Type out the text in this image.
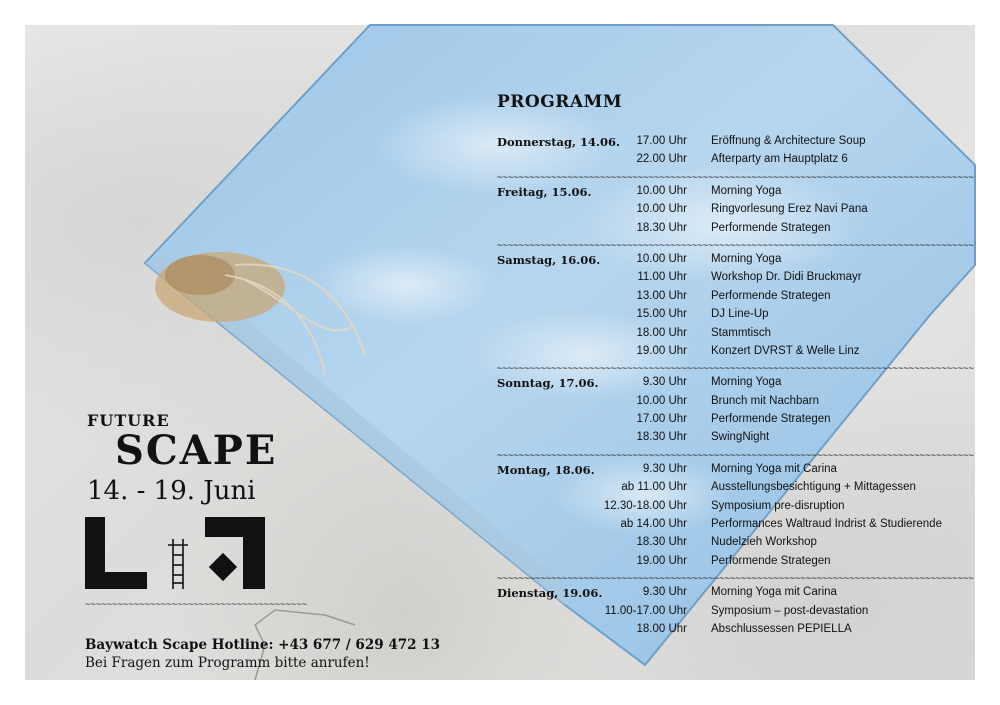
FUTURE
SCAPE
14. - 19. Juni
~~~~~~~~~~~~~~~~~~~~~~~~~~~~~~~~~~~~~~~~~
Baywatch Scape Hotline: +43 677 / 629 472 13
Bei Fragen zum Programm bitte anrufen!
PROGRAMM
Donnerstag, 14.06. 17.00 Uhr Eröffnung & Architecture Soup
22.00 Uhr Afterparty am Hauptplatz 6
~~~~~~~~~~~~~~~~~~~~~~~~~~~~~~~~~~~~~~~~~~~~~~~~~~~~~~~~~~~~~~~~~~~~~~~~~~~~~~~~~~~~~~~~
Freitag, 15.06.	10.00 Uhr Morning Yoga
10.00 Uhr Ringvorlesung Erez Navi Pana
18.30 Uhr Performende Strategen
~~~~~~~~~~~~~~~~~~~~~~~~~~~~~~~~~~~~~~~~~~~~~~~~~~~~~~~~~~~~~~~~~~~~~~~~~~~~~~~~~~~~~~~~
Samstag, 16.06.	10.00 Uhr Morning Yoga
11.00 Uhr Workshop Dr. Didi Bruckmayr
13.00 Uhr Performende Strategen
15.00 Uhr DJ Line-Up
18.00 Uhr Stammtisch
19.00 Uhr Konzert DVRST & Welle Linz
~~~~~~~~~~~~~~~~~~~~~~~~~~~~~~~~~~~~~~~~~~~~~~~~~~~~~~~~~~~~~~~~~~~~~~~~~~~~~~~~~~~~~~~~
Sonntag, 17.06.	9.30 Uhr Morning Yoga
10.00 Uhr Brunch mit Nachbarn
17.00 Uhr Performende Strategen
18.30 Uhr SwingNight
~~~~~~~~~~~~~~~~~~~~~~~~~~~~~~~~~~~~~~~~~~~~~~~~~~~~~~~~~~~~~~~~~~~~~~~~~~~~~~~~~~~~~~~~
Montag, 18.06.	9.30 Uhr Morning Yoga mit Carina
ab 11.00 Uhr Ausstellungsbesichtigung + Mittagessen
12.30-18.00 Uhr Symposium pre-disruption
ab 14.00 Uhr Performances Waltraud Indrist & Studierende
18.30 Uhr Nudelzieh Workshop
19.00 Uhr Performende Strategen
~~~~~~~~~~~~~~~~~~~~~~~~~~~~~~~~~~~~~~~~~~~~~~~~~~~~~~~~~~~~~~~~~~~~~~~~~~~~~~~~~~~~~~~~
Dienstag, 19.06.	9.30 Uhr Morning Yoga mit Carina
11.00-17.00 Uhr Symposium – post-devastation
18.00 Uhr Abschlussessen PEPIELLA
